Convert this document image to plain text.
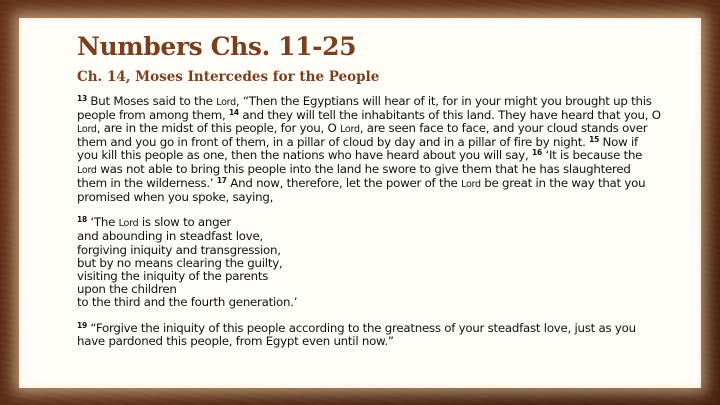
Numbers Chs. 11-25
Ch. 14, Moses Intercedes for the People

$^{13}$ But Moses said to the Lord, “Then the Egyptians will hear of it, for in your might you brought up this people from among them, $^{14}$ and they will tell the inhabitants of this land. They have heard that you, O Lord, are in the midst of this people, for you, O Lord, are seen face to face, and your cloud stands over them and you go in front of them, in a pillar of cloud by day and in a pillar of fire by night. $^{15}$ Now if you kill this people as one, then the nations who have heard about you will say, $^{16}$ ‘It is because the Lord was not able to bring this people into the land he swore to give them that he has slaughtered them in the wilderness.’ $^{17}$ And now, therefore, let the power of the Lord be great in the way that you promised when you spoke, saying,

$^{18}$ ‘The Lord is slow to anger
and abounding in steadfast love,
forgiving iniquity and transgression,
but by no means clearing the guilty,
visiting the iniquity of the parents
upon the children
to the third and the fourth generation.’

$^{19}$ “Forgive the iniquity of this people according to the greatness of your steadfast love, just as you have pardoned this people, from Egypt even until now.”
